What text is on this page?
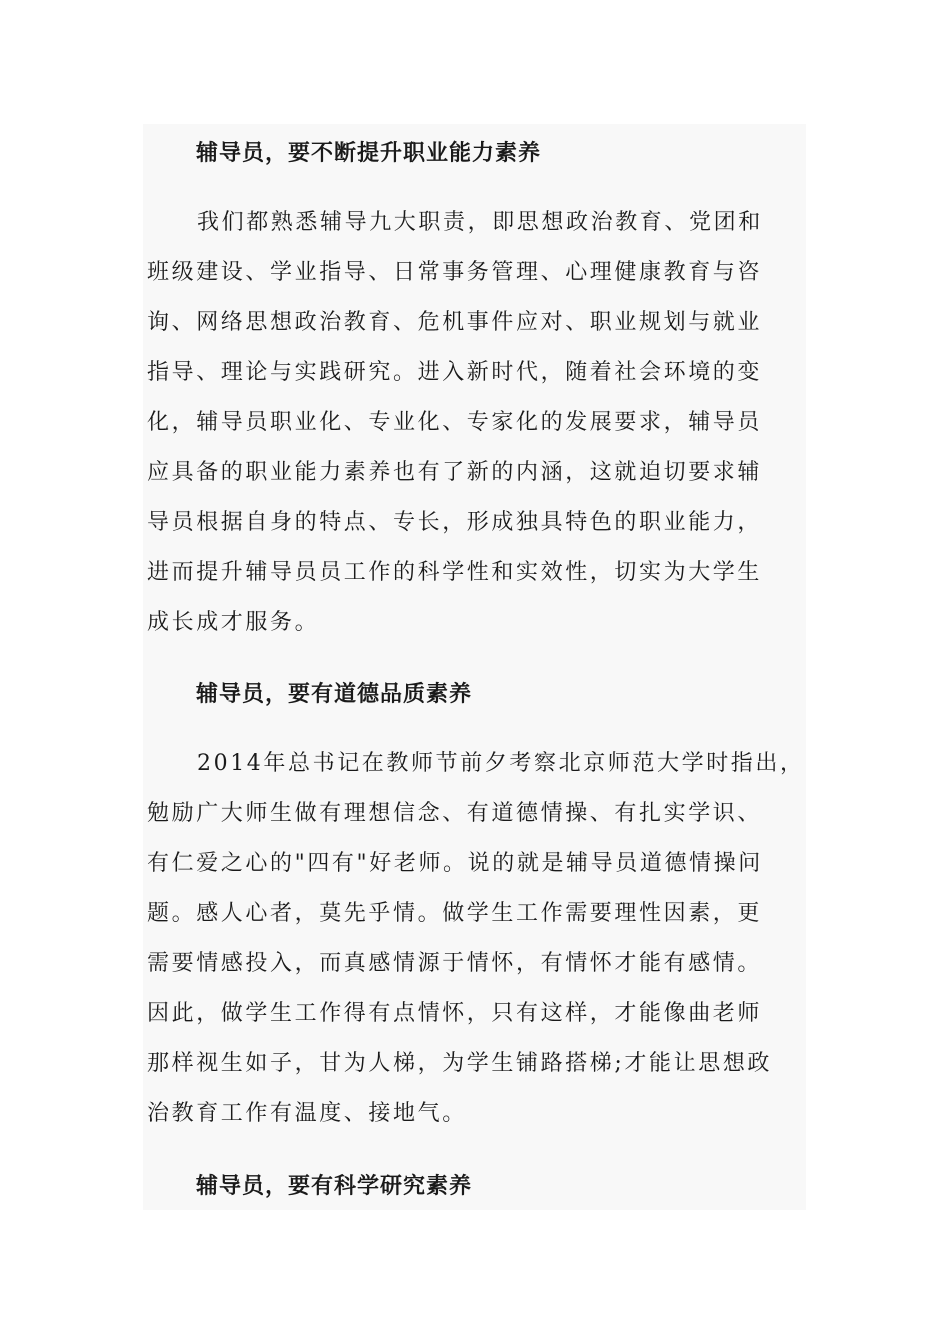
辅导员，要不断提升职业能力素养
我们都熟悉辅导九大职责，即思想政治教育、党团和
班级建设、学业指导、日常事务管理、心理健康教育与咨
询、网络思想政治教育、危机事件应对、职业规划与就业
指导、理论与实践研究。进入新时代，随着社会环境的变
化，辅导员职业化、专业化、专家化的发展要求，辅导员
应具备的职业能力素养也有了新的内涵，这就迫切要求辅
导员根据自身的特点、专长，形成独具特色的职业能力，
进而提升辅导员员工作的科学性和实效性，切实为大学生
成长成才服务。
辅导员，要有道德品质素养
2014年总书记在教师节前夕考察北京师范大学时指出，
勉励广大师生做有理想信念、有道德情操、有扎实学识、
有仁爱之心的"四有"好老师。说的就是辅导员道德情操问
题。感人心者，莫先乎情。做学生工作需要理性因素，更
需要情感投入，而真感情源于情怀，有情怀才能有感情。
因此，做学生工作得有点情怀，只有这样，才能像曲老师
那样视生如子，甘为人梯，为学生铺路搭梯;才能让思想政
治教育工作有温度、接地气。
辅导员，要有科学研究素养
